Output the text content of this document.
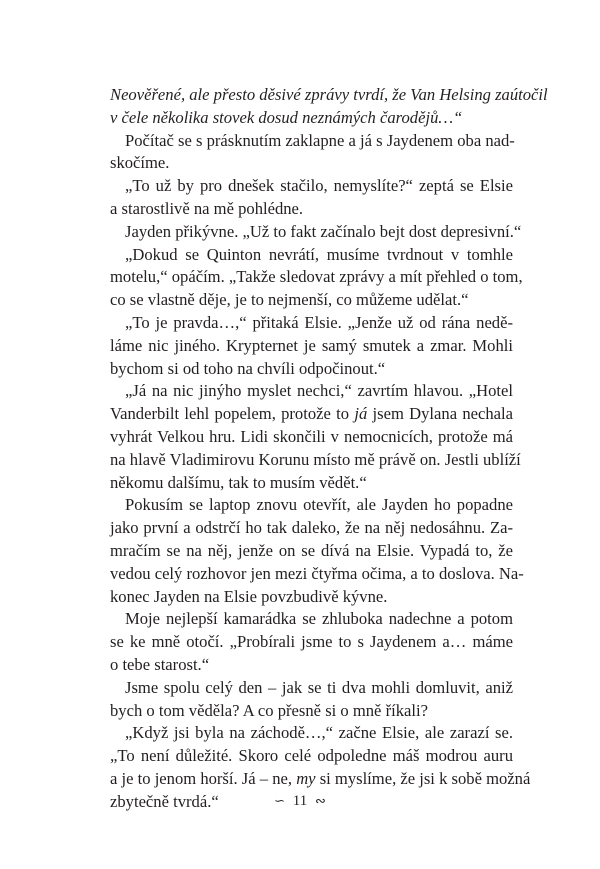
Neověřené, ale přesto děsivé zprávy tvrdí, že Van Helsing zaútočil
v čele několika stovek dosud neznámých čarodějů…“
Počítač se s prásknutím zaklapne a já s Jaydenem oba nad-
skočíme.
„To už by pro dnešek stačilo, nemyslíte?“ zeptá se Elsie
a starostlivě na mě pohlédne.
Jayden přikývne. „Už to fakt začínalo bejt dost depresivní.“
„Dokud se Quinton nevrátí, musíme tvrdnout v tomhle
motelu,“ opáčím. „Takže sledovat zprávy a mít přehled o tom,
co se vlastně děje, je to nejmenší, co můžeme udělat.“
„To je pravda…,“ přitaká Elsie. „Jenže už od rána nedě-
láme nic jiného. Krypternet je samý smutek a zmar. Mohli
bychom si od toho na chvíli odpočinout.“
„Já na nic jinýho myslet nechci,“ zavrtím hlavou. „Hotel
Vanderbilt lehl popelem, protože to já jsem Dylana nechala
vyhrát Velkou hru. Lidi skončili v nemocnicích, protože má
na hlavě Vladimirovu Korunu místo mě právě on. Jestli ublíží
někomu dalšímu, tak to musím vědět.“
Pokusím se laptop znovu otevřít, ale Jayden ho popadne
jako první a odstrčí ho tak daleko, že na něj nedosáhnu. Za-
mračím se na něj, jenže on se dívá na Elsie. Vypadá to, že
vedou celý rozhovor jen mezi čtyřma očima, a to doslova. Na-
konec Jayden na Elsie povzbudivě kývne.
Moje nejlepší kamarádka se zhluboka nadechne a potom
se ke mně otočí. „Probírali jsme to s Jaydenem a… máme
o tebe starost.“
Jsme spolu celý den – jak se ti dva mohli domluvit, aniž
bych o tom věděla? A co přesně si o mně říkali?
„Když jsi byla na záchodě…,“ začne Elsie, ale zarazí se.
„To není důležité. Skoro celé odpoledne máš modrou auru
a je to jenom horší. Já – ne, my si myslíme, že jsi k sobě možná
zbytečně tvrdá.“	∽ 11 ∾
